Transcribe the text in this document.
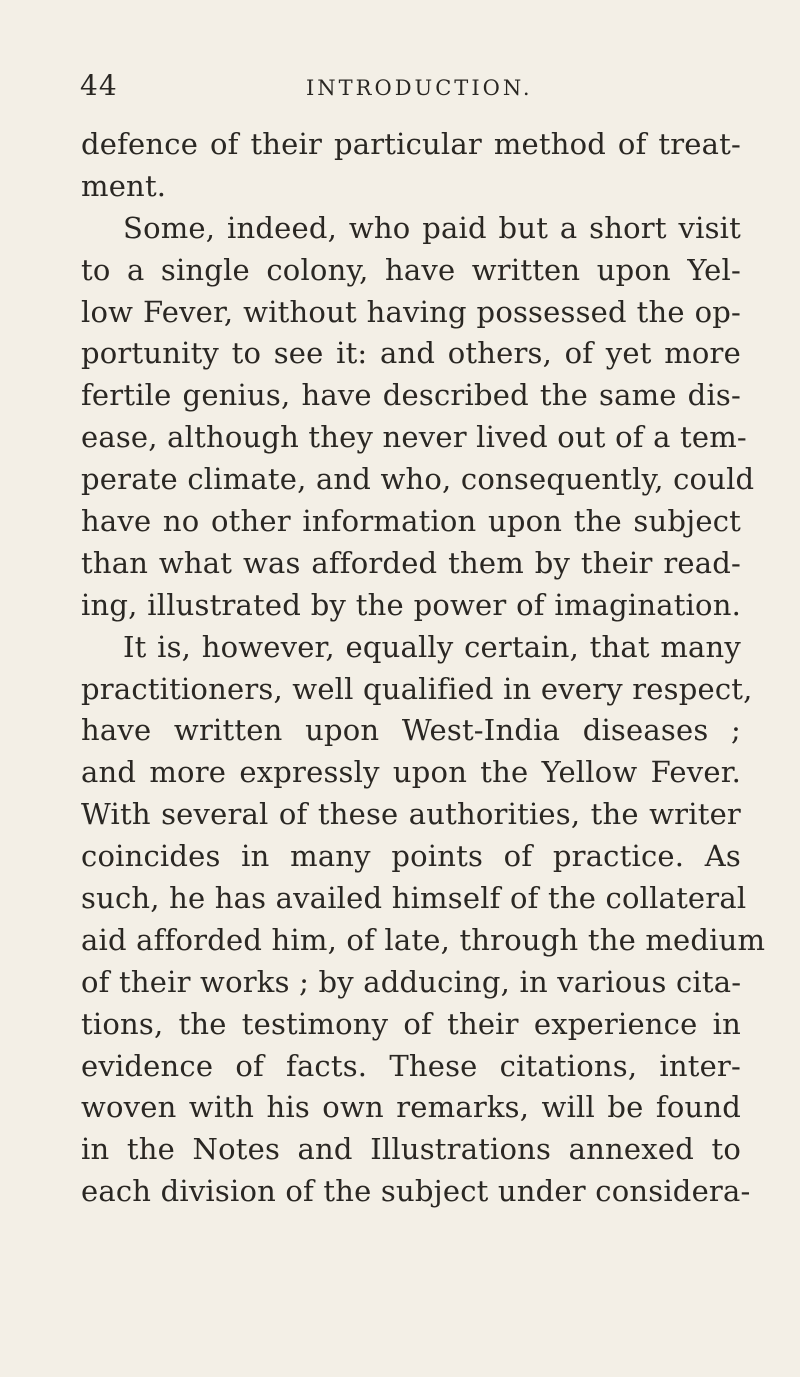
44	INTRODUCTION.
defence of their particular method of treat-
ment.
Some, indeed, who paid but a short visit
to a single colony, have written upon Yel-
low Fever, without having possessed the op-
portunity to see it: and others, of yet more
fertile genius, have described the same dis-
ease, although they never lived out of a tem-
perate climate, and who, consequently, could
have no other information upon the subject
than what was afforded them by their read-
ing, illustrated by the power of imagination.
It is, however, equally certain, that many
practitioners, well qualified in every respect,
have written upon West-India diseases ;
and more expressly upon the Yellow Fever.
With several of these authorities, the writer
coincides in many points of practice. As
such, he has availed himself of the collateral
aid afforded him, of late, through the medium
of their works ; by adducing, in various cita-
tions, the testimony of their experience in
evidence of facts. These citations, inter-
woven with his own remarks, will be found
in the Notes and Illustrations annexed to
each division of the subject under considera-
